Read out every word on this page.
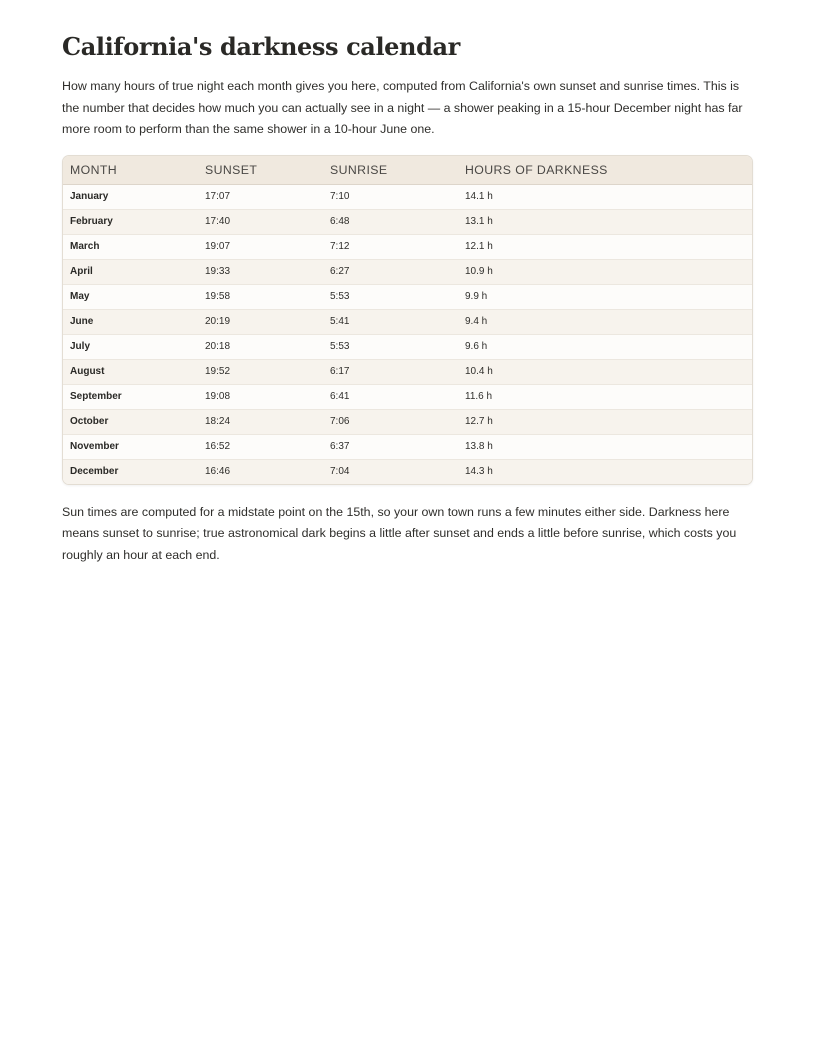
California's darkness calendar

How many hours of true night each month gives you here, computed from California's own sunset and sunrise times. This is the number that decides how much you can actually see in a night — a shower peaking in a 15-hour December night has far more room to perform than the same shower in a 10-hour June one.

MONTH	SUNSET	SUNRISE	HOURS OF DARKNESS
January	17:07	7:10	14.1 h
February	17:40	6:48	13.1 h
March	19:07	7:12	12.1 h
April	19:33	6:27	10.9 h
May	19:58	5:53	9.9 h
June	20:19	5:41	9.4 h
July	20:18	5:53	9.6 h
August	19:52	6:17	10.4 h
September	19:08	6:41	11.6 h
October	18:24	7:06	12.7 h
November	16:52	6:37	13.8 h
December	16:46	7:04	14.3 h

Sun times are computed for a midstate point on the 15th, so your own town runs a few minutes either side. Darkness here means sunset to sunrise; true astronomical dark begins a little after sunset and ends a little before sunrise, which costs you roughly an hour at each end.
